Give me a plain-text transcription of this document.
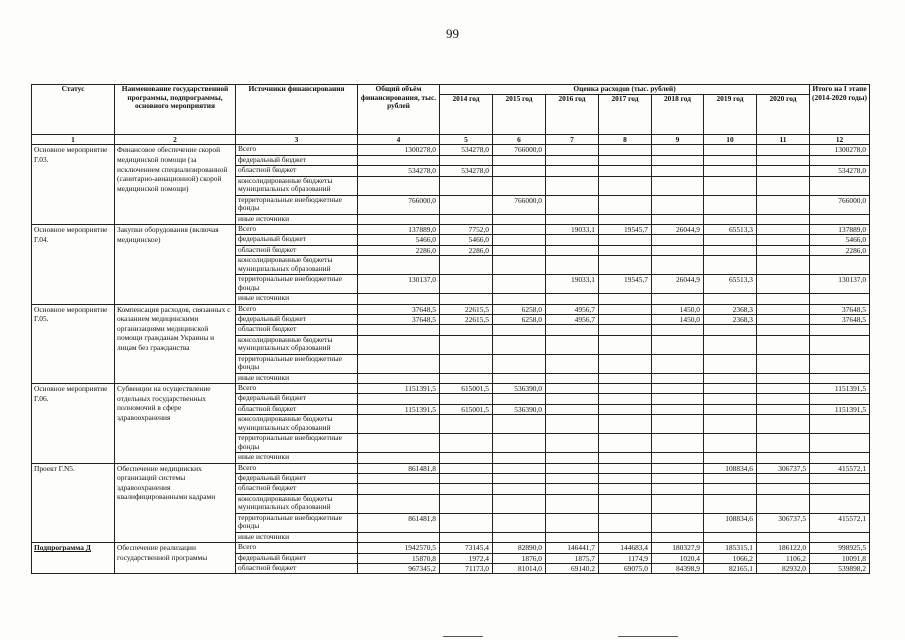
99
Статус	Наименование государственной программы, подпрограммы, основного мероприятия	Источники финансирования	Общий объём финансирования, тыс. рублей	Оценка расходов (тыс. рублей)							Итого на I этапе (2014-2020 годы)
				2014 год	2015 год	2016 год	2017 год	2018 год	2019 год	2020 год	
1	2	3	4	5	6	7	8	9	10	11	12
Основное мероприятие Г.03.	Финансовое обеспечение скорой медицинской помощи (за исключением специализированной (санитарно-авиационной) скорой медицинской помощи)	Всего	1300278,0	534278,0	766000,0						1300278,0
		федеральный бюджет									
		областной бюджет	534278,0	534278,0							534278,0
		консолидированные бюджеты муниципальных образований									
		территориальные внебюджетные фонды	766000,0		766000,0						766000,0
		иные источники									
Основное мероприятие Г.04.	Закупки оборудования (включая медицинское)	Всего	137889,0	7752,0		19033,1	19545,7	26044,9	65513,3		137889,0
		федеральный бюджет	5466,0	5466,0							5466,0
		областной бюджет	2286,0	2286,0							2286,0
		консолидированные бюджеты муниципальных образований									
		территориальные внебюджетные фонды	130137,0			19033,1	19545,7	26044,9	65513,3		130137,0
		иные источники									
Основное мероприятие Г.05.	Компенсация расходов, связанных с оказанием медицинскими организациями медицинской помощи гражданам Украины и лицам без гражданства	Всего	37648,5	22615,5	6258,0	4956,7		1450,0	2368,3		37648,5
		федеральный бюджет	37648,5	22615,5	6258,0	4956,7		1450,0	2368,3		37648,5
		областной бюджет									
		консолидированные бюджеты муниципальных образований									
		территориальные внебюджетные фонды									
		иные источники									
Основное мероприятие Г.06.	Субвенции на осуществление отдельных государственных полномочий в сфере здравоохранения	Всего	1151391,5	615001,5	536390,0						1151391,5
		федеральный бюджет									
		областной бюджет	1151391,5	615001,5	536390,0						1151391,5
		консолидированные бюджеты муниципальных образований									
		территориальные внебюджетные фонды									
		иные источники									
Проект Г.N5.	Обеспечение медицинских организаций системы здравоохранения квалифицированными кадрами	Всего	861481,8						108834,6	306737,5	415572,1
		федеральный бюджет									
		областной бюджет									
		консолидированные бюджеты муниципальных образований									
		территориальные внебюджетные фонды	861481,8						108834,6	306737,5	415572,1
		иные источники									
Подпрограмма Д	Обеспечение реализации государственной программы	Всего	1942570,5	73145,4	82890,0	146441,7	144683,4	180327,9	185315,1	186122,0	998925,5
		федеральный бюджет	15870,8	1972,4	1876,0	1875,7	1174,9	1020,4	1066,2	1106,2	10091,8
		областной бюджет	967345,2	71173,0	81014,0	69140,2	69075,0	84398,9	82165,1	82932,0	539898,2
